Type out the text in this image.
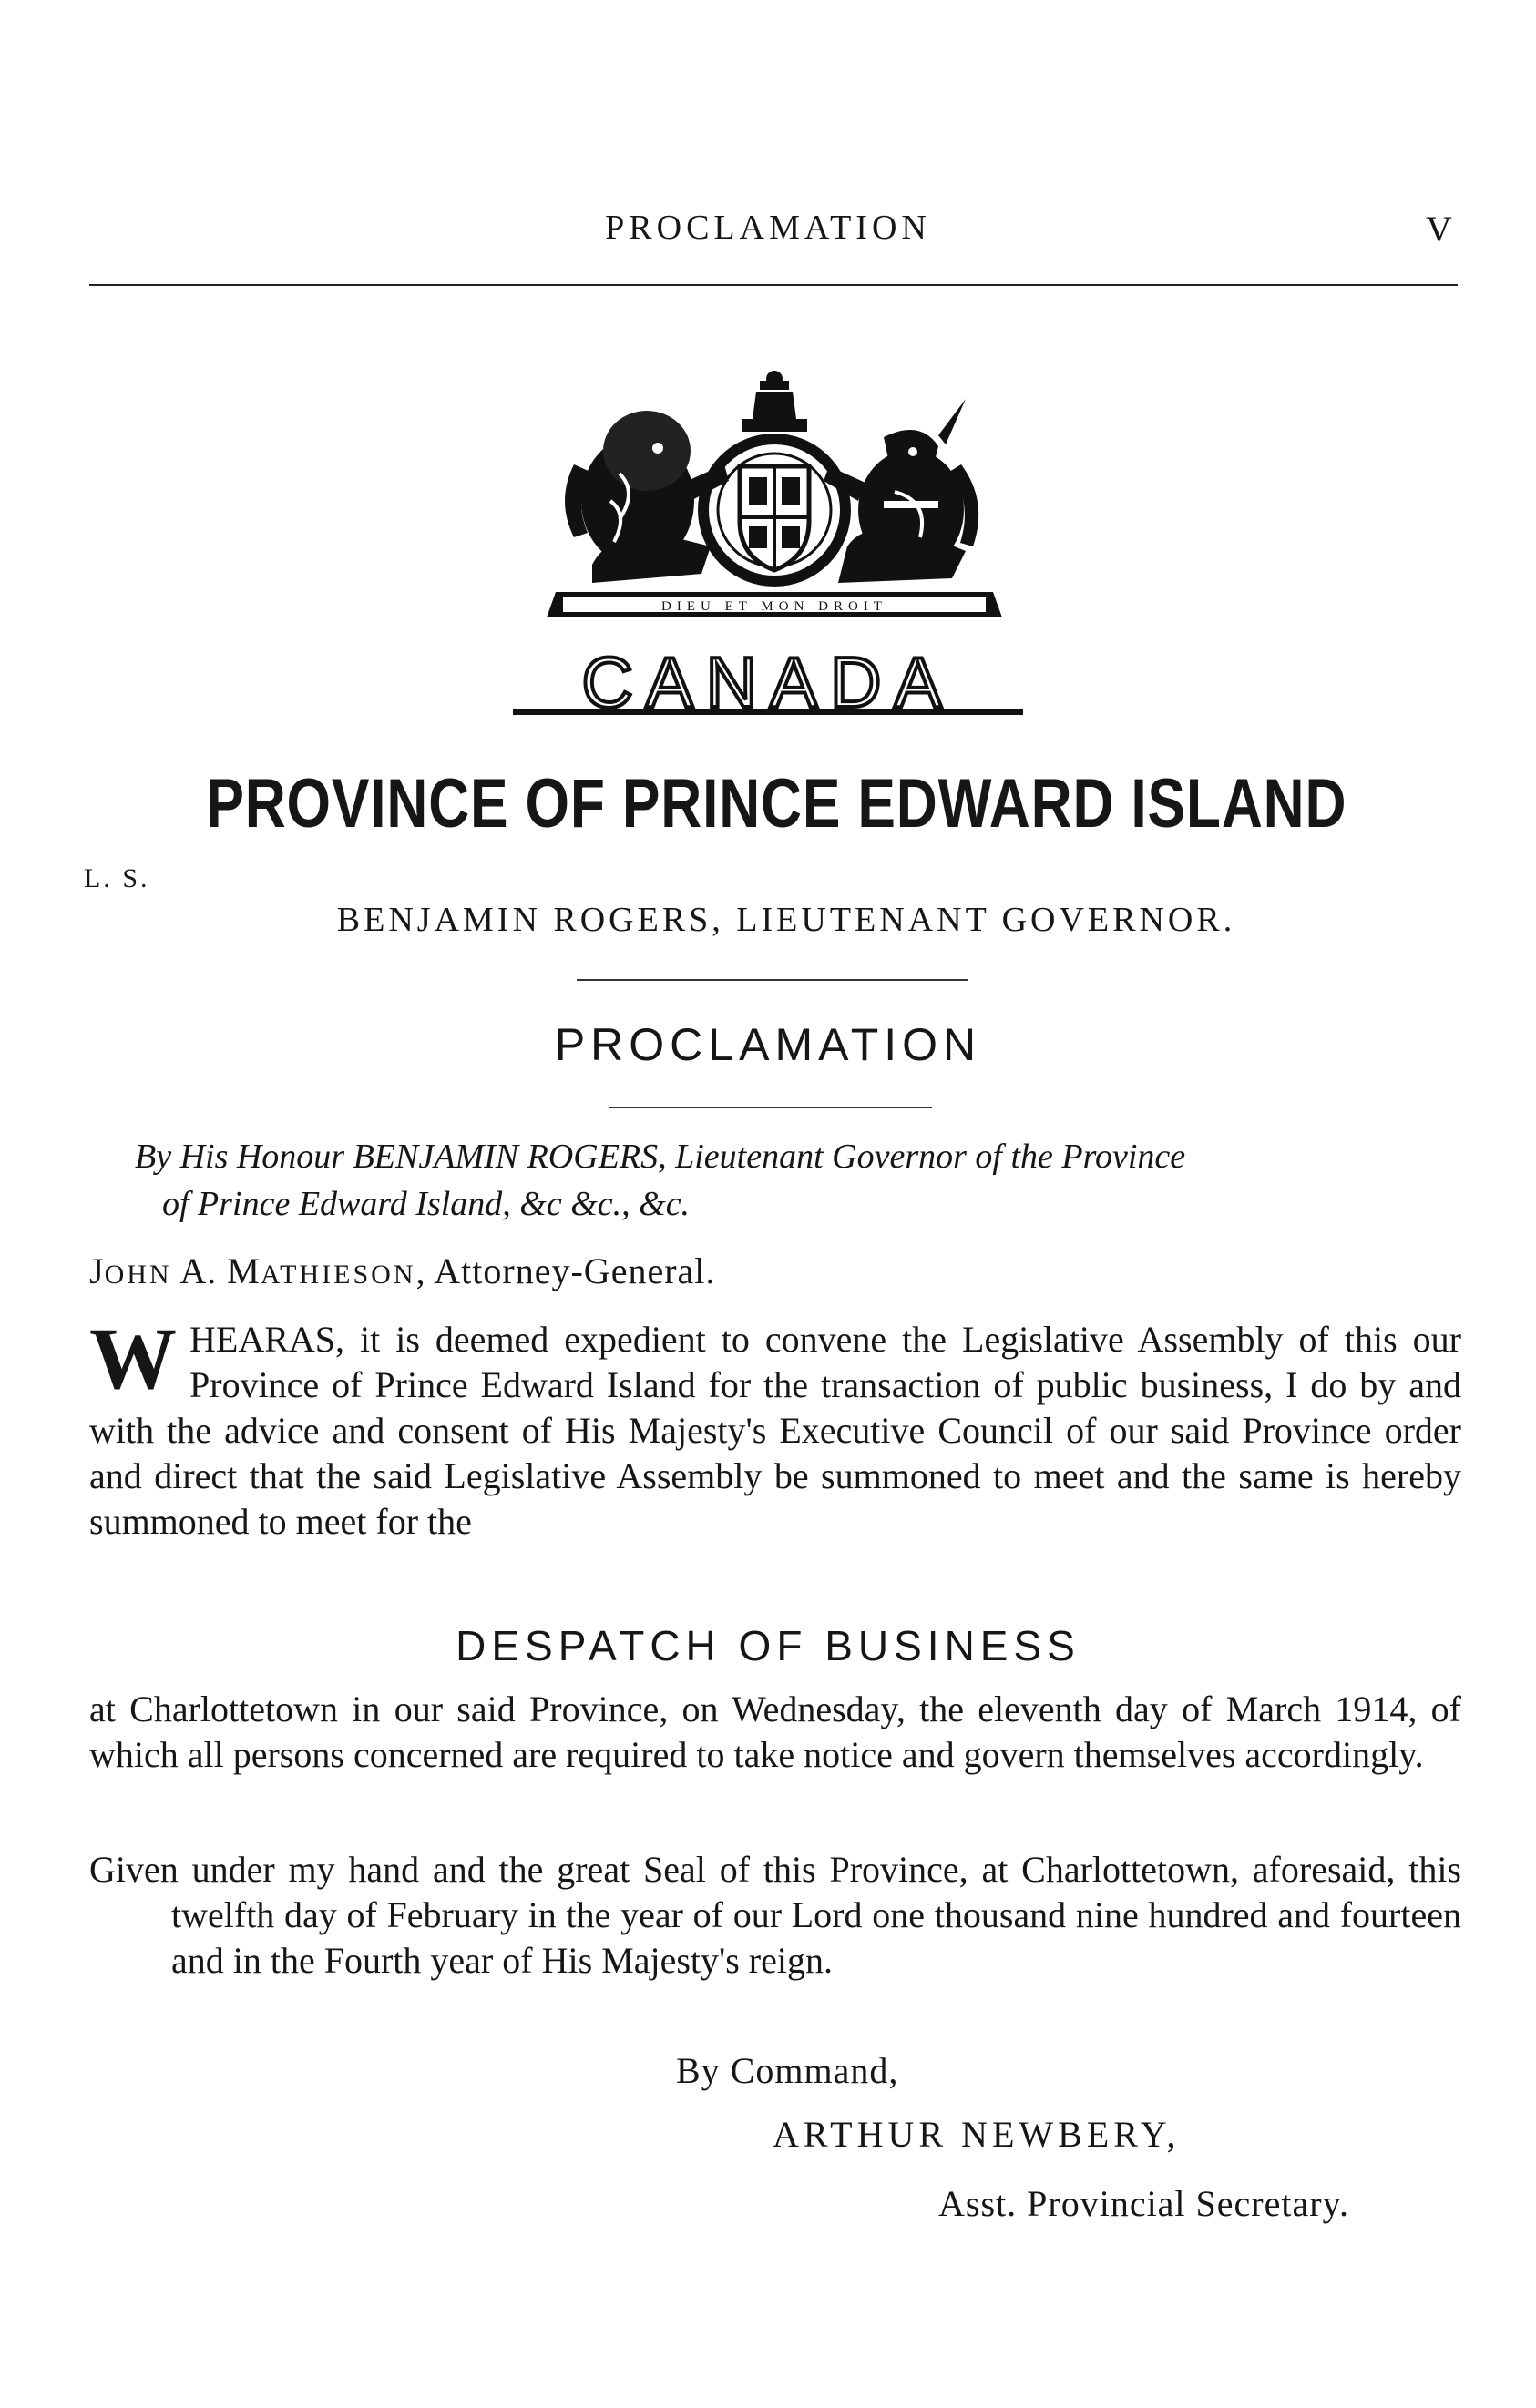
PROCLAMATION	V
DIEU ET MON DROIT
CANADA
PROVINCE OF PRINCE EDWARD ISLAND
L. S.
BENJAMIN ROGERS, LIEUTENANT GOVERNOR.
PROCLAMATION
By His Honour BENJAMIN ROGERS, Lieutenant Governor of the Province
of Prince Edward Island, &c &c., &c.
JOHN A. MATHIESON, Attorney-General.
WHEARAS, it is deemed expedient to convene the Legislative Assembly of this our Province of Prince Edward Island for the transaction of public business, I do by and with the advice and consent of His Majesty's Executive Council of our said Province order and direct that the said Legislative Assembly be summoned to meet and the same is hereby summoned to meet for the
DESPATCH OF BUSINESS
at Charlottetown in our said Province, on Wednesday, the eleventh day of March 1914, of which all persons concerned are required to take notice and govern themselves accordingly.
Given under my hand and the great Seal of this Province, at Charlottetown, aforesaid, this twelfth day of February in the year of our Lord one thousand nine hundred and fourteen and in the Fourth year of His Majesty's reign.
By Command,
ARTHUR NEWBERY,
Asst. Provincial Secretary.
